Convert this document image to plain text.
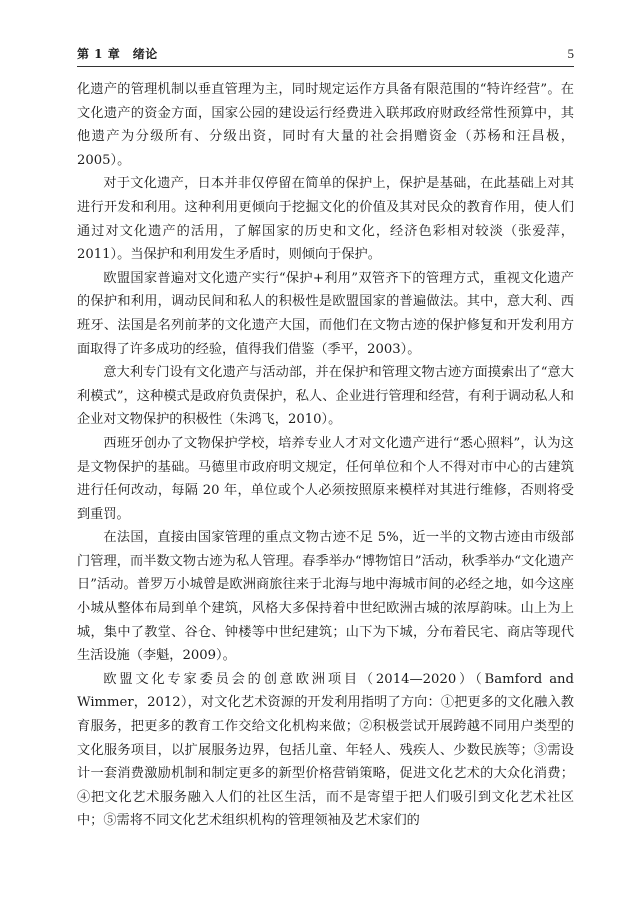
第 1 章　绪论	5

化遗产的管理机制以垂直管理为主，同时规定运作方具备有限范围的“特许经营”。在文化遗产的资金方面，国家公园的建设运行经费进入联邦政府财政经常性预算中，其他遗产为分级所有、分级出资，同时有大量的社会捐赠资金（苏杨和汪昌极，2005）。

对于文化遗产，日本并非仅停留在简单的保护上，保护是基础，在此基础上对其进行开发和利用。这种利用更倾向于挖掘文化的价值及其对民众的教育作用，使人们通过对文化遗产的活用，了解国家的历史和文化，经济色彩相对较淡（张爱萍，2011）。当保护和利用发生矛盾时，则倾向于保护。

欧盟国家普遍对文化遗产实行“保护+利用”双管齐下的管理方式，重视文化遗产的保护和利用，调动民间和私人的积极性是欧盟国家的普遍做法。其中，意大利、西班牙、法国是名列前茅的文化遗产大国，而他们在文物古迹的保护修复和开发利用方面取得了许多成功的经验，值得我们借鉴（季平，2003）。

意大利专门设有文化遗产与活动部，并在保护和管理文物古迹方面摸索出了“意大利模式”，这种模式是政府负责保护，私人、企业进行管理和经营，有利于调动私人和企业对文物保护的积极性（朱鸿飞，2010）。

西班牙创办了文物保护学校，培养专业人才对文化遗产进行“悉心照料”，认为这是文物保护的基础。马德里市政府明文规定，任何单位和个人不得对市中心的古建筑进行任何改动，每隔 20 年，单位或个人必须按照原来模样对其进行维修，否则将受到重罚。

在法国，直接由国家管理的重点文物古迹不足 5%，近一半的文物古迹由市级部门管理，而半数文物古迹为私人管理。春季举办“博物馆日”活动，秋季举办“文化遗产日”活动。普罗万小城曾是欧洲商旅往来于北海与地中海城市间的必经之地，如今这座小城从整体布局到单个建筑，风格大多保持着中世纪欧洲古城的浓厚韵味。山上为上城，集中了教堂、谷仓、钟楼等中世纪建筑；山下为下城，分布着民宅、商店等现代生活设施（李魁，2009）。

欧盟文化专家委员会的创意欧洲项目（2014—2020）（Bamford and Wimmer，2012），对文化艺术资源的开发利用指明了方向：①把更多的文化融入教育服务，把更多的教育工作交给文化机构来做；②积极尝试开展跨越不同用户类型的文化服务项目，以扩展服务边界，包括儿童、年轻人、残疾人、少数民族等；③需设计一套消费激励机制和制定更多的新型价格营销策略，促进文化艺术的大众化消费；④把文化艺术服务融入人们的社区生活，而不是寄望于把人们吸引到文化艺术社区中；⑤需将不同文化艺术组织机构的管理领袖及艺术家们的
